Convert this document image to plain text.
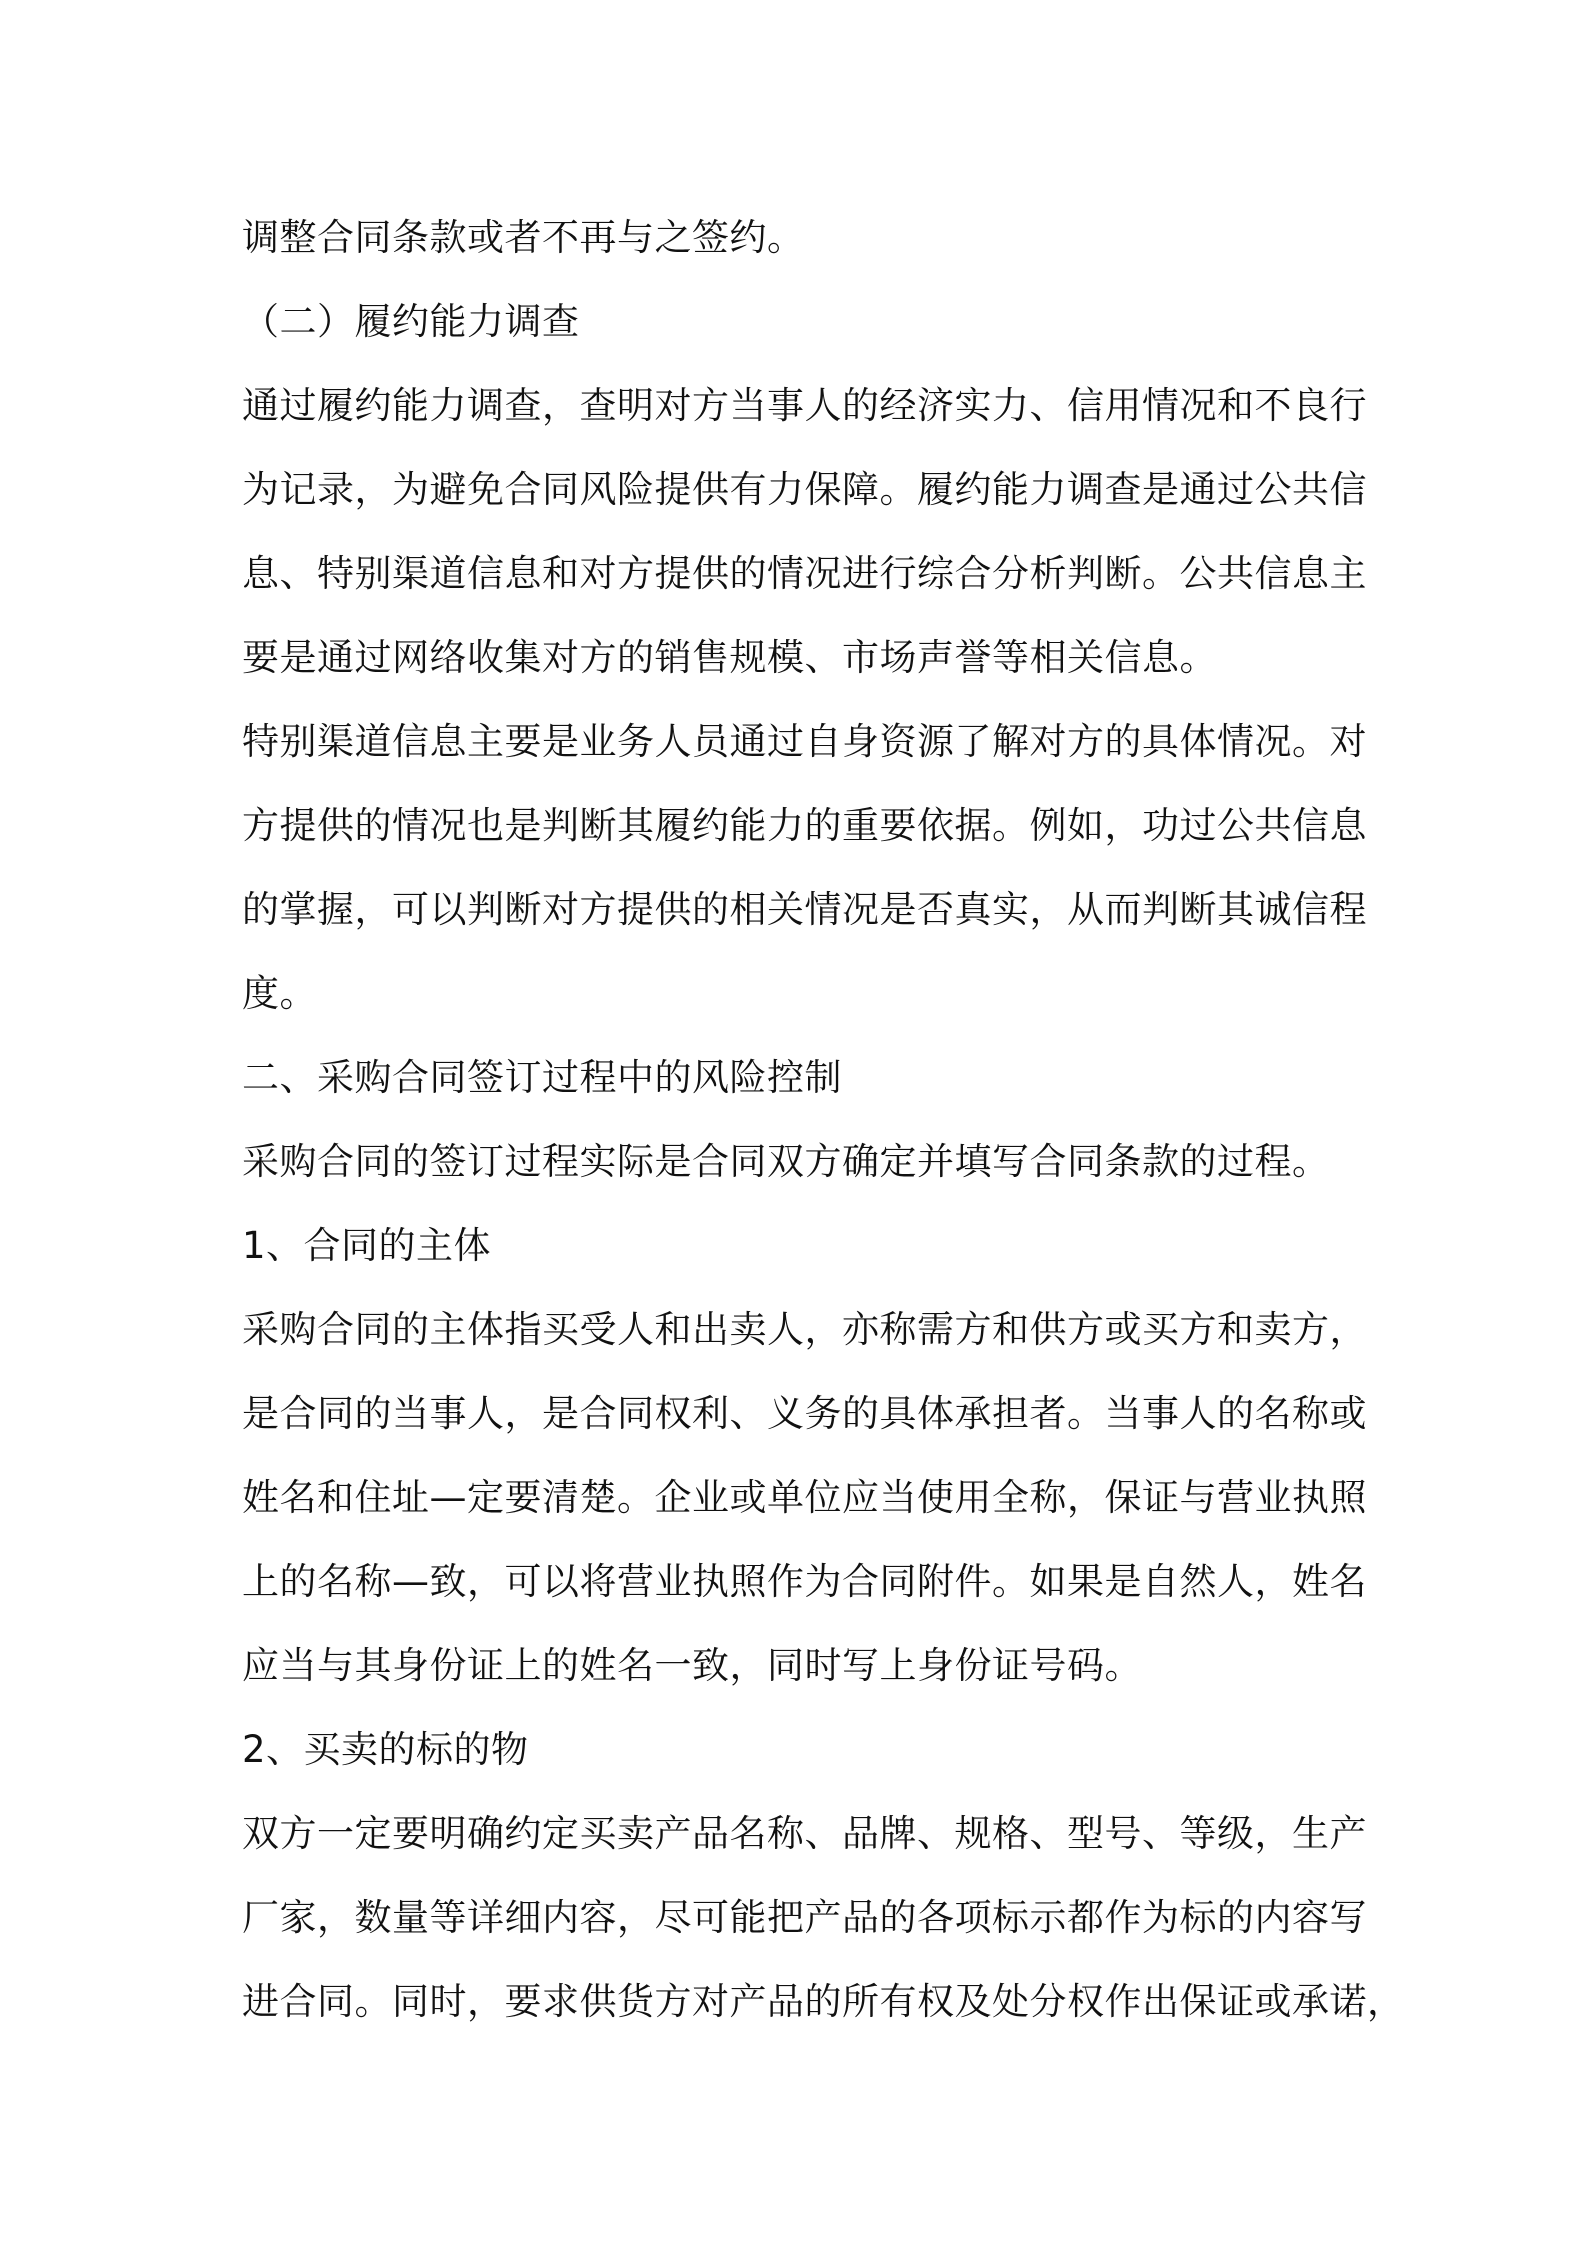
调整合同条款或者不再与之签约。
（二）履约能力调查
通过履约能力调查，查明对方当事人的经济实力、信用情况和不良行
为记录，为避免合同风险提供有力保障。履约能力调查是通过公共信
息、特别渠道信息和对方提供的情况进行综合分析判断。公共信息主
要是通过网络收集对方的销售规模、市场声誉等相关信息。
特别渠道信息主要是业务人员通过自身资源了解对方的具体情况。对
方提供的情况也是判断其履约能力的重要依据。例如，功过公共信息
的掌握，可以判断对方提供的相关情况是否真实，从而判断其诚信程
度。
二、采购合同签订过程中的风险控制
采购合同的签订过程实际是合同双方确定并填写合同条款的过程。
1、合同的主体
采购合同的主体指买受人和出卖人，亦称需方和供方或买方和卖方，
是合同的当事人，是合同权利、义务的具体承担者。当事人的名称或
姓名和住址—定要清楚。企业或单位应当使用全称，保证与营业执照
上的名称—致，可以将营业执照作为合同附件。如果是自然人，姓名
应当与其身份证上的姓名一致，同时写上身份证号码。
2、买卖的标的物
双方一定要明确约定买卖产品名称、品牌、规格、型号、等级，生产
厂家，数量等详细内容，尽可能把产品的各项标示都作为标的内容写
进合同。同时，要求供货方对产品的所有权及处分权作出保证或承诺，
